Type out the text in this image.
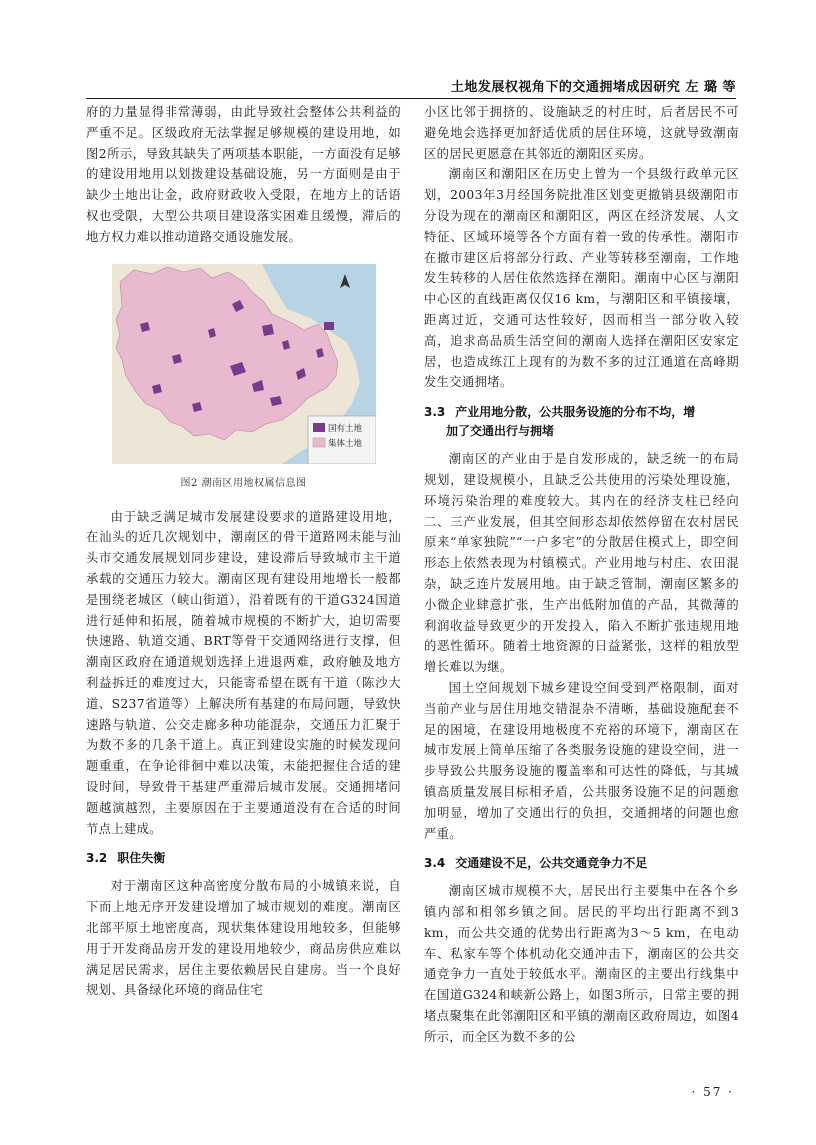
土地发展权视角下的交通拥堵成因研究 左 璐 等

府的力量显得非常薄弱，由此导致社会整体公共利益的严重不足。区级政府无法掌握足够规模的建设用地，如图2所示，导致其缺失了两项基本职能，一方面没有足够的建设用地用以划拨建设基础设施，另一方面则是由于缺少土地出让金，政府财政收入受限，在地方上的话语权也受限，大型公共项目建设落实困难且缓慢，滞后的地方权力难以推动道路交通设施发展。

国有土地
集体土地
图2 潮南区用地权属信息图

由于缺乏满足城市发展建设要求的道路建设用地，在汕头的近几次规划中，潮南区的骨干道路网未能与汕头市交通发展规划同步建设，建设滞后导致城市主干道承载的交通压力较大。潮南区现有建设用地增长一般都是围绕老城区（峡山街道），沿着既有的干道G324国道进行延伸和拓展，随着城市规模的不断扩大，迫切需要快速路、轨道交通、BRT等骨干交通网络进行支撑，但潮南区政府在通道规划选择上进退两难，政府触及地方利益拆迁的难度过大，只能寄希望在既有干道（陈沙大道、S237省道等）上解决所有基建的布局问题，导致快速路与轨道、公交走廊多种功能混杂，交通压力汇聚于为数不多的几条干道上。真正到建设实施的时候发现问题重重，在争论徘徊中难以决策，未能把握住合适的建设时间，导致骨干基建严重滞后城市发展。交通拥堵问题越演越烈，主要原因在于主要通道没有在合适的时间节点上建成。

3.2 职住失衡

对于潮南区这种高密度分散布局的小城镇来说，自下而上地无序开发建设增加了城市规划的难度。潮南区北部平原土地密度高，现状集体建设用地较多，但能够用于开发商品房开发的建设用地较少，商品房供应难以满足居民需求，居住主要依赖居民自建房。当一个良好规划、具备绿化环境的商品住宅

小区比邻于拥挤的、设施缺乏的村庄时，后者居民不可避免地会选择更加舒适优质的居住环境，这就导致潮南区的居民更愿意在其邻近的潮阳区买房。

潮南区和潮阳区在历史上曾为一个县级行政单元区划，2003年3月经国务院批准区划变更撤销县级潮阳市分设为现在的潮南区和潮阳区，两区在经济发展、人文特征、区域环境等各个方面有着一致的传承性。潮阳市在撤市建区后将部分行政、产业等转移至潮南，工作地发生转移的人居住依然选择在潮阳。潮南中心区与潮阳中心区的直线距离仅仅16 km，与潮阳区和平镇接壤，距离过近，交通可达性较好，因而相当一部分收入较高，追求高品质生活空间的潮南人选择在潮阳区安家定居，也造成练江上现有的为数不多的过江通道在高峰期发生交通拥堵。

3.3 产业用地分散，公共服务设施的分布不均，增
加了交通出行与拥堵

潮南区的产业由于是自发形成的，缺乏统一的布局规划，建设规模小，且缺乏公共使用的污染处理设施，环境污染治理的难度较大。其内在的经济支柱已经向二、三产业发展，但其空间形态却依然停留在农村居民原来“单家独院”“一户多宅”的分散居住模式上，即空间形态上依然表现为村镇模式。产业用地与村庄、农田混杂，缺乏连片发展用地。由于缺乏管制，潮南区繁多的小微企业肆意扩张，生产出低附加值的产品，其微薄的利润收益导致更少的开发投入，陷入不断扩张违规用地的恶性循环。随着土地资源的日益紧张，这样的粗放型增长难以为继。

国土空间规划下城乡建设空间受到严格限制，面对当前产业与居住用地交错混杂不清晰，基础设施配套不足的困境，在建设用地极度不充裕的环境下，潮南区在城市发展上简单压缩了各类服务设施的建设空间，进一步导致公共服务设施的覆盖率和可达性的降低，与其城镇高质量发展目标相矛盾，公共服务设施不足的问题愈加明显，增加了交通出行的负担，交通拥堵的问题也愈严重。

3.4 交通建设不足，公共交通竞争力不足

潮南区城市规模不大，居民出行主要集中在各个乡镇内部和相邻乡镇之间。居民的平均出行距离不到3 km，而公共交通的优势出行距离为3～5 km，在电动车、私家车等个体机动化交通冲击下，潮南区的公共交通竞争力一直处于较低水平。潮南区的主要出行线集中在国道G324和峡新公路上，如图3所示，日常主要的拥堵点聚集在此邻潮阳区和平镇的潮南区政府周边，如图4所示，而全区为数不多的公

· 57 ·
